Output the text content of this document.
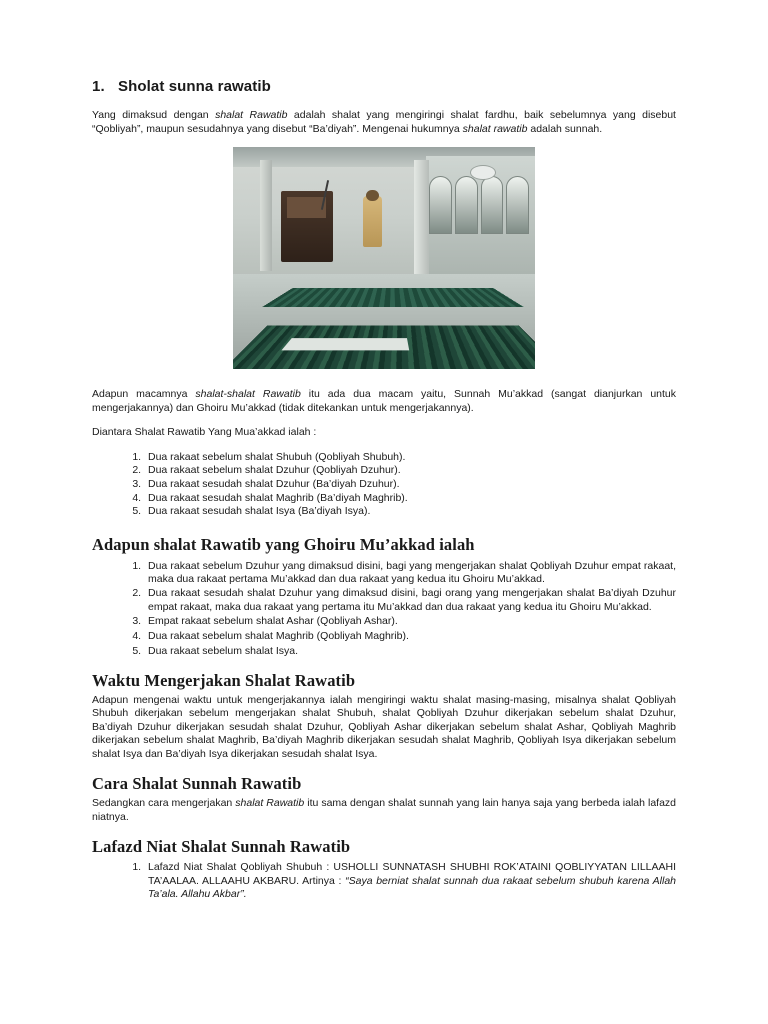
1. Sholat sunna rawatib

Yang dimaksud dengan shalat Rawatib adalah shalat yang mengiringi shalat fardhu, baik sebelumnya yang disebut “Qobliyah”, maupun sesudahnya yang disebut “Ba’diyah”. Mengenai hukumnya shalat rawatib adalah sunnah.

Adapun macamnya shalat-shalat Rawatib itu ada dua macam yaitu, Sunnah Mu’akkad (sangat dianjurkan untuk mengerjakannya) dan Ghoiru Mu’akkad (tidak ditekankan untuk mengerjakannya).

Diantara Shalat Rawatib Yang Mua’akkad ialah :

1. Dua rakaat sebelum shalat Shubuh (Qobliyah Shubuh).
2. Dua rakaat sebelum shalat Dzuhur (Qobliyah Dzuhur).
3. Dua rakaat sesudah shalat Dzuhur (Ba’diyah Dzuhur).
4. Dua rakaat sesudah shalat Maghrib (Ba’diyah Maghrib).
5. Dua rakaat sesudah shalat Isya (Ba’diyah Isya).
Adapun shalat Rawatib yang Ghoiru Mu’akkad ialah
1. Dua rakaat sebelum Dzuhur yang dimaksud disini, bagi yang mengerjakan shalat Qobliyah Dzuhur empat rakaat, maka dua rakaat pertama Mu’akkad dan dua rakaat yang kedua itu Ghoiru Mu’akkad.
2. Dua rakaat sesudah shalat Dzuhur yang dimaksud disini, bagi orang yang mengerjakan shalat Ba’diyah Dzuhur empat rakaat, maka dua rakaat yang pertama itu Mu’akkad dan dua rakaat yang kedua itu Ghoiru Mu’akkad.
3. Empat rakaat sebelum shalat Ashar (Qobliyah Ashar).
4. Dua rakaat sebelum shalat Maghrib (Qobliyah Maghrib).
5. Dua rakaat sebelum shalat Isya.
Waktu Mengerjakan Shalat Rawatib

Adapun mengenai waktu untuk mengerjakannya ialah mengiringi waktu shalat masing-masing, misalnya shalat Qobliyah Shubuh dikerjakan sebelum mengerjakan shalat Shubuh, shalat Qobliyah Dzuhur dikerjakan sebelum shalat Dzuhur, Ba’diyah Dzuhur dikerjakan sesudah shalat Dzuhur, Qobliyah Ashar dikerjakan sebelum shalat Ashar, Qobliyah Maghrib dikerjakan sebelum shalat Maghrib, Ba’diyah Maghrib dikerjakan sesudah shalat Maghrib, Qobliyah Isya dikerjakan sebelum shalat Isya dan Ba’diyah Isya dikerjakan sesudah shalat Isya.

Cara Shalat Sunnah Rawatib

Sedangkan cara mengerjakan shalat Rawatib itu sama dengan shalat sunnah yang lain hanya saja yang berbeda ialah lafazd niatnya.

Lafazd Niat Shalat Sunnah Rawatib
1. Lafazd Niat Shalat Qobliyah Shubuh : USHOLLI SUNNATASH SHUBHI ROK’ATAINI QOBLIYYATAN LILLAAHI TA’AALAA. ALLAAHU AKBARU. Artinya : “Saya berniat shalat sunnah dua rakaat sebelum shubuh karena Allah Ta’ala. Allahu Akbar”.
